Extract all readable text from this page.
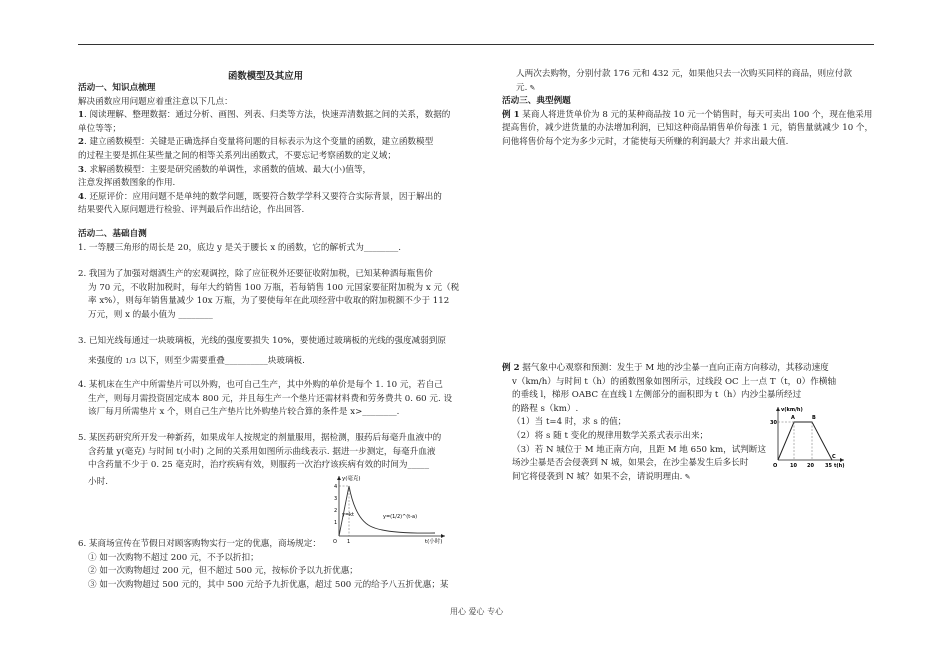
函数模型及其应用

活动一、知识点梳理

解决函数应用问题应着重注意以下几点：

1. 阅读理解、整理数据：通过分析、画图、列表、归类等方法，快速弄清数据之间的关系，数据的

单位等等；

2. 建立函数模型：关键是正确选择自变量将问题的目标表示为这个变量的函数，建立函数模型

的过程主要是抓住某些量之间的相等关系列出函数式，不要忘记考察函数的定义域；

3. 求解函数模型：主要是研究函数的单调性，求函数的值域、最大(小)值等，

注意发挥函数图象的作用.

4. 还原评价：应用问题不是单纯的数学问题，既要符合数学学科又要符合实际背景，因于解出的

结果要代入原问题进行检验、评判最后作出结论，作出回答.

活动二、基础自测

1. 一等腰三角形的周长是 20，底边 y 是关于腰长 x 的函数，它的解析式为________.

2. 我国为了加强对烟酒生产的宏观调控，除了应征税外还要征收附加税，已知某种酒每瓶售价

为 70 元，不收附加税时，每年大约销售 100 万瓶，若每销售 100 元国家要征附加税为 x 元（税

率 x%），则每年销售量减少 10x 万瓶，为了要使每年在此项经营中收取的附加税额不少于 112

万元，则 x 的最小值为 ________

3. 已知光线每通过一块玻璃板，光线的强度要损失 10%，要使通过玻璃板的光线的强度减弱到原

来强度的 1/3 以下，则至少需要重叠__________块玻璃板.

4. 某机床在生产中所需垫片可以外购，也可自己生产，其中外购的单价是每个 1. 10 元，若自己

生产，则每月需投资固定成本 800 元，并且每生产一个垫片还需材料费和劳务费共 0. 60 元. 设

该厂每月所需垫片 x 个，则自己生产垫片比外购垫片较合算的条件是 x>________.

5. 某医药研究所开发一种新药，如果成年人按规定的剂量服用，据检测，服药后每毫升血液中的

含药量 y(毫克) 与时间 t(小时) 之间的关系用如图所示曲线表示. 据进一步测定，每毫升血液

中含药量不少于 0. 25 毫克时，治疗疾病有效，则服药一次治疗该疾病有效的时间为_____

小时.	y(毫克)
t(小时)
4
3
2
1
O 1
y=kt	y=(1/2)^(t-a)

6. 某商场宣传在节假日对顾客购物实行一定的优惠，商场规定：

① 如一次购物不超过 200 元，不予以折扣；

② 如一次购物超过 200 元，但不超过 500 元，按标价予以九折优惠；

③ 如一次购物超过 500 元的，其中 500 元给予九折优惠，超过 500 元的给予八五折优惠；某

人两次去购物，分别付款 176 元和 432 元，如果他只去一次购买同样的商品，则应付款

元. ✎

活动三、典型例题

例 1 某商人将进货单价为 8 元的某种商品按 10 元一个销售时，每天可卖出 100 个，现在他采用

提高售价，减少进货量的办法增加利润，已知这种商品销售单价每涨 1 元，销售量就减少 10 个，

问他将售价每个定为多少元时，才能使每天所赚的利润最大？并求出最大值.

例 2 据气象中心观察和预测：发生于 M 地的沙尘暴一直向正南方向移动，其移动速度

v（km/h）与时间 t（h）的函数图象如图所示，过线段 OC 上一点 T（t，0）作横轴

的垂线 l，梯形 OABC 在直线 l 左侧部分的面积即为 t（h）内沙尘暴所经过

的路程 s（km）.

（1）当 t=4 时，求 s 的值；

（2）将 s 随 t 变化的规律用数学关系式表示出来；

（3）若 N 城位于 M 地正南方向，且距 M 地 650 km，试判断这

场沙尘暴是否会侵袭到 N 城，如果会，在沙尘暴发生后多长时

间它将侵袭到 N 城？如果不会，请说明理由. ✎

v(km/h)
t(h)
30
O	10 20 35
A	B
C
用心 爱心 专心
